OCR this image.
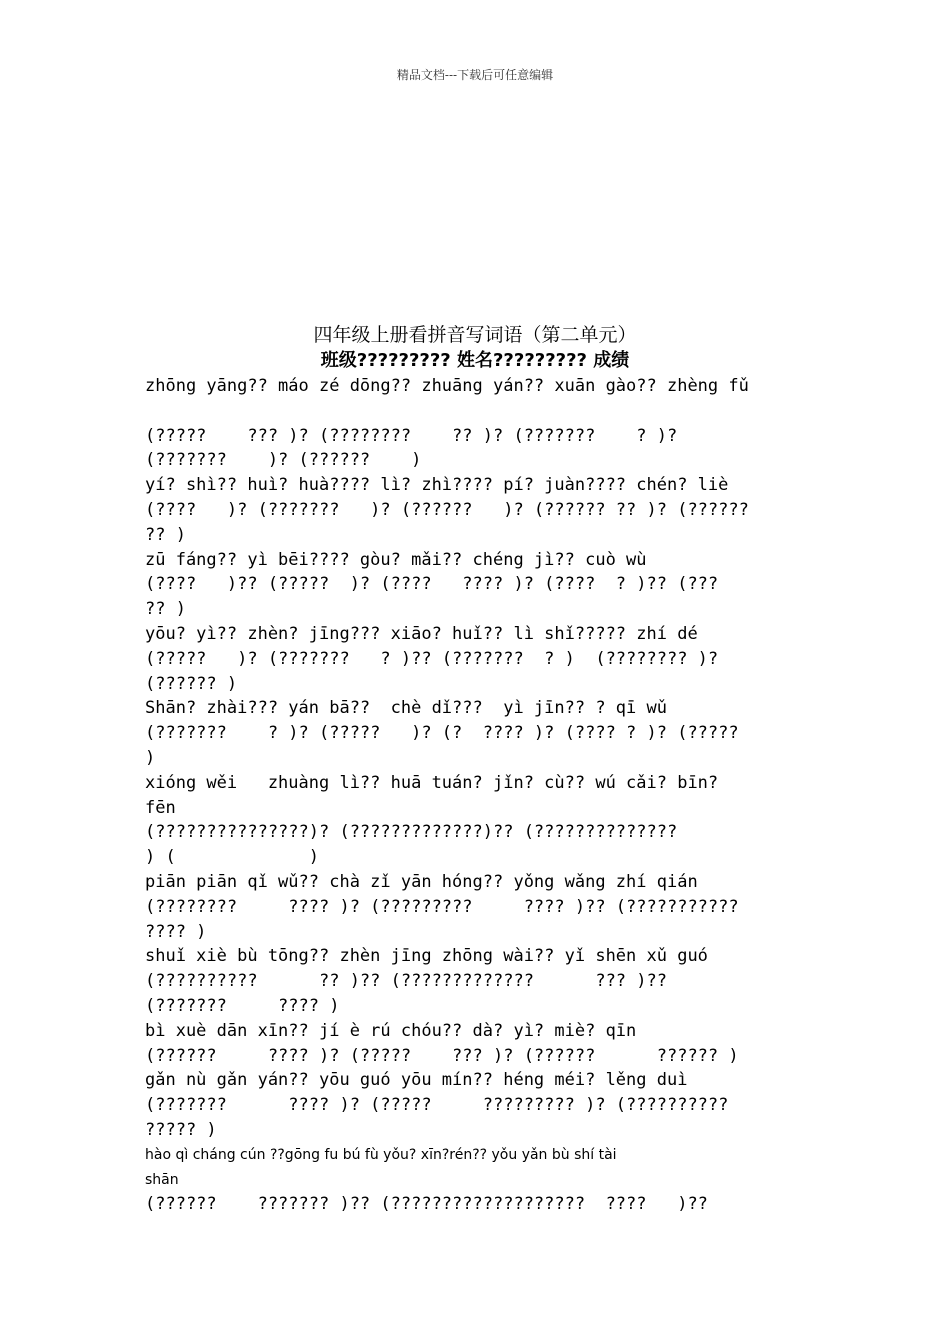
精品文档---下载后可任意编辑
四年级上册看拼音写词语（第二单元）
班级????????? 姓名????????? 成绩
zhōng yāng?? máo zé dōng?? zhuāng yán?? xuān gào?? zhèng fǔ
(?????    ??? )? (????????    ?? )? (???????    ? )?
(???????    )? (??????    )
yí? shì?? huì? huà???? lì? zhì???? pí? juàn???? chén? liè
(????   )? (???????   )? (??????   )? (?????? ?? )? (??????
?? )
zū fáng?? yì bēi???? gòu? mǎi?? chéng jì?? cuò wù
(????   )?? (?????  )? (????   ???? )? (????  ? )?? (???
?? )
yōu? yì?? zhèn? jīng??? xiāo? huǐ?? lì shǐ????? zhí dé
(?????   )? (???????   ? )?? (???????  ? )  (???????? )?
(?????? )
Shān? zhài??? yán bā??  chè dǐ???  yì jīn?? ? qī wǔ
(???????    ? )? (?????   )? (?  ???? )? (???? ? )? (?????
)
xióng wěi   zhuàng lì?? huā tuán? jǐn? cù?? wú cǎi? bīn?
fēn
(???????????????)? (?????????????)?? (??????????????
) (             )
piān piān qǐ wǔ?? chà zǐ yān hóng?? yǒng wǎng zhí qián
(????????     ???? )? (?????????     ???? )?? (???????????
???? )
shuǐ xiè bù tōng?? zhèn jīng zhōng wài?? yǐ shēn xǔ guó
(??????????      ?? )?? (?????????????      ??? )??
(???????     ???? )
bì xuè dān xīn?? jí è rú chóu?? dà? yì? miè? qīn
(??????     ???? )? (?????    ??? )? (??????      ?????? )
gǎn nù gǎn yán?? yōu guó yōu mín?? héng méi? lěng duì
(???????      ???? )? (?????     ????????? )? (??????????
????? )
hào qì cháng cún ??gōng fu bú fù yǒu? xīn?rén?? yǒu yǎn bù shí tài
shān
(??????    ??????? )?? (???????????????????  ????   )??
